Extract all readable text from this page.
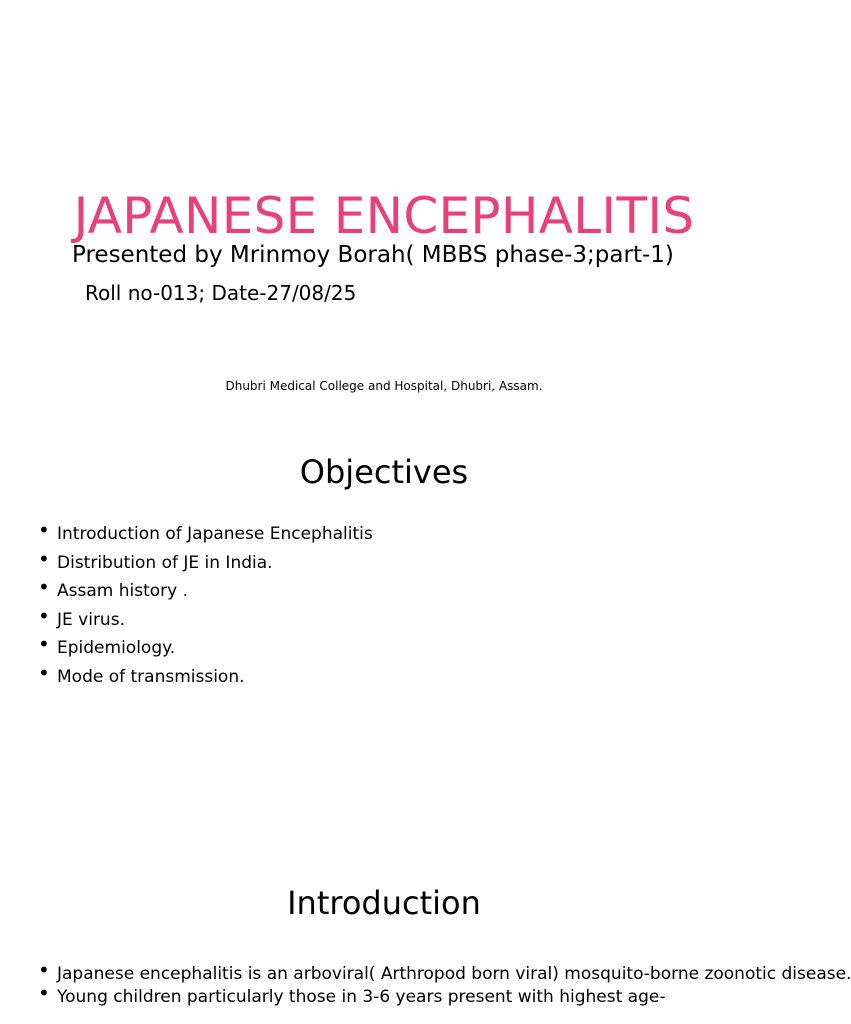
JAPANESE ENCEPHALITIS
Presented by Mrinmoy Borah( MBBS phase-3;part-1)
Roll no-013; Date-27/08/25
Dhubri Medical College and Hospital, Dhubri, Assam.
Objectives
• Introduction of Japanese Encephalitis
• Distribution of JE in India.
• Assam history .
• JE virus.
• Epidemiology.
• Mode of transmission.
Introduction
• Japanese encephalitis is an arboviral( Arthropod born viral) mosquito-borne zoonotic disease.
• Young children particularly those in 3-6 years present with highest age-
